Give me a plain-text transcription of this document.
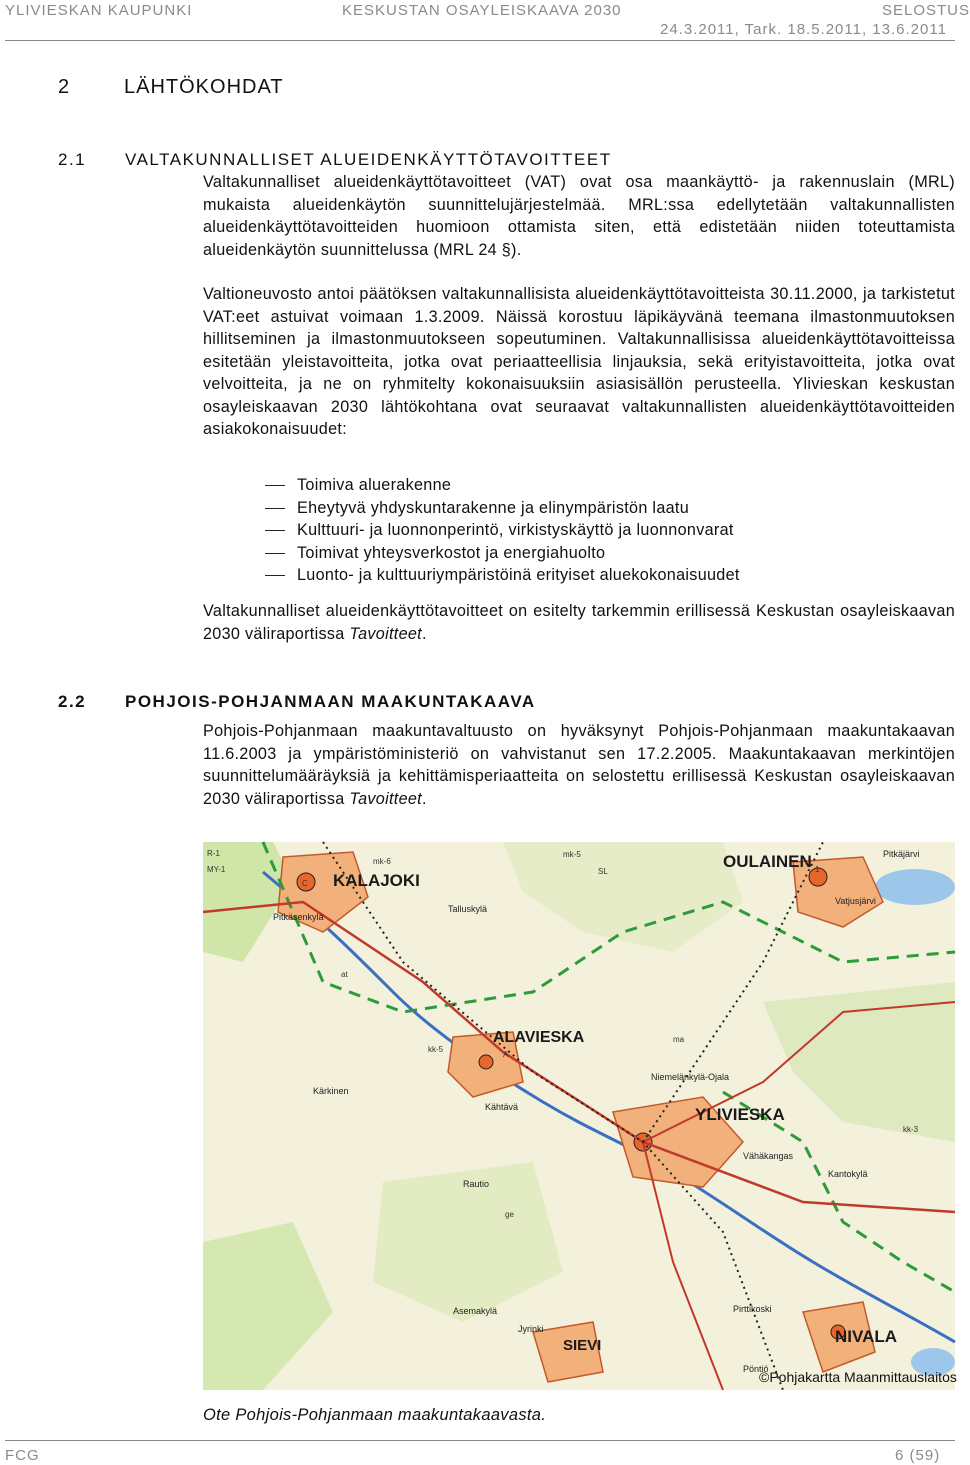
YLIVIESKAN KAUPUNKI	KESKUSTAN OSAYLEISKAAVA 2030	SELOSTUS
24.3.2011, Tark. 18.5.2011, 13.6.2011
2	LÄHTÖKOHDAT
2.1 VALTAKUNNALLISET ALUEIDENKÄYTTÖTAVOITTEET

Valtakunnalliset alueidenkäyttötavoitteet (VAT) ovat osa maankäyttö- ja rakennuslain (MRL) mukaista alueidenkäytön suunnittelujärjestelmää. MRL:ssa edellytetään valtakunnallisten alueidenkäyttötavoitteiden huomioon ottamista siten, että edistetään niiden toteuttamista alueidenkäytön suunnittelussa (MRL 24 §).

Valtioneuvosto antoi päätöksen valtakunnallisista alueidenkäyttötavoitteista 30.11.2000, ja tarkistetut VAT:eet astuivat voimaan 1.3.2009. Näissä korostuu läpikäyvänä teemana ilmastonmuutoksen hillitseminen ja ilmastonmuutokseen sopeutuminen. Valtakunnallisissa alueidenkäyttötavoitteissa esitetään yleistavoitteita, jotka ovat periaatteellisia linjauksia, sekä erityistavoitteita, jotka ovat velvoitteita, ja ne on ryhmitelty kokonaisuuksiin asiasisällön perusteella. Ylivieskan keskustan osayleiskaavan 2030 lähtökohtana ovat seuraavat valtakunnallisten alueidenkäyttötavoitteiden asiakokonaisuudet:

Toimiva aluerakenne
Eheytyvä yhdyskuntarakenne ja elinympäristön laatu
Kulttuuri- ja luonnonperintö, virkistyskäyttö ja luonnonvarat
Toimivat yhteysverkostot ja energiahuolto
Luonto- ja kulttuuriympäristöinä erityiset aluekokonaisuudet

Valtakunnalliset alueidenkäyttötavoitteet on esitelty tarkemmin erillisessä Keskustan osayleiskaavan 2030 väliraportissa Tavoitteet.

2.2 POHJOIS-POHJANMAAN MAAKUNTAKAAVA

Pohjois-Pohjanmaan maakuntavaltuusto on hyväksynyt Pohjois-Pohjanmaan maakuntakaavan 11.6.2003 ja ympäristöministeriö on vahvistanut sen 17.2.2005. Maakuntakaavan merkintöjen suunnittelumääräyksiä ja kehittämisperiaatteita on selostettu erillisessä Keskustan osayleiskaavan 2030 väliraportissa Tavoitteet.

KALAJOKI
OULAINEN
ALAVIESKA
YLIVIESKA
NIVALA
SIEVI
Pitkäsenkylä
Talluskylä
Kärkinen
Kähtävä
Niemelänkylä-Ojala
Vähäkangas
Kantokylä
Rautio
Asemakylä
Jyrinki
Pirttikoski
Pöntiö
Pitkäjärvi
Vatjusjärvi
mk-6
SL
kk-5
kk-3
mk-5
at
A
C
ge
1
ma
R-1
MY-1
©Pohjakartta Maanmittauslaitos
Ote Pohjois-Pohjanmaan maakuntakaavasta.
FCG	6 (59)
